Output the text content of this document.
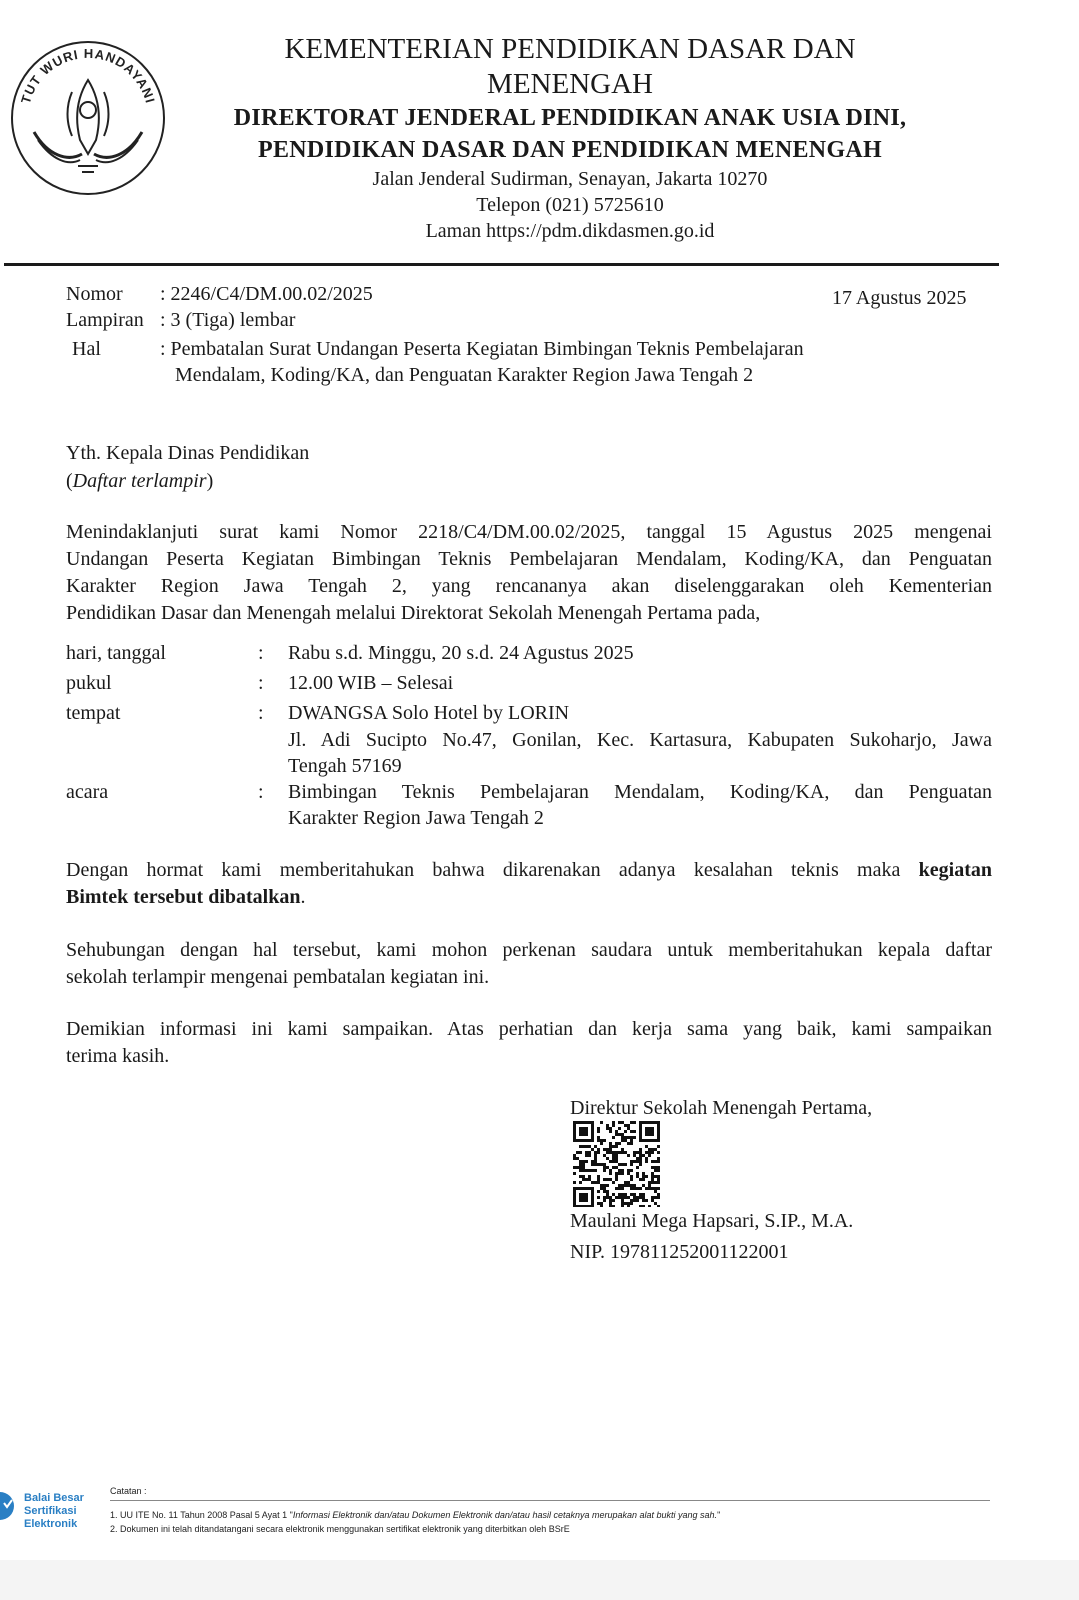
TUT WURI HANDAYANI
KEMENTERIAN PENDIDIKAN DASAR DAN
MENENGAH
DIREKTORAT JENDERAL PENDIDIKAN ANAK USIA DINI,
PENDIDIKAN DASAR DAN PENDIDIKAN MENENGAH
Jalan Jenderal Sudirman, Senayan, Jakarta 10270
Telepon (021) 5725610
Laman https://pdm.dikdasmen.go.id
Nomor : 2246/C4/DM.00.02/2025	17 Agustus 2025
Lampiran : 3 (Tiga) lembar
Hal	: Pembatalan Surat Undangan Peserta Kegiatan Bimbingan Teknis Pembelajaran
Mendalam, Koding/KA, dan Penguatan Karakter Region Jawa Tengah 2
Yth. Kepala Dinas Pendidikan
(Daftar terlampir)
Menindaklanjuti surat kami Nomor 2218/C4/DM.00.02/2025, tanggal 15 Agustus 2025 mengenai
Undangan Peserta Kegiatan Bimbingan Teknis Pembelajaran Mendalam, Koding/KA, dan Penguatan
Karakter Region Jawa Tengah 2, yang rencananya akan diselenggarakan oleh Kementerian
Pendidikan Dasar dan Menengah melalui Direktorat Sekolah Menengah Pertama pada,
hari, tanggal	: Rabu s.d. Minggu, 20 s.d. 24 Agustus 2025
pukul	: 12.00 WIB – Selesai
tempat	: DWANGSA Solo Hotel by LORIN
Jl. Adi Sucipto No.47, Gonilan, Kec. Kartasura, Kabupaten Sukoharjo, Jawa
Tengah 57169
acara	: Bimbingan Teknis Pembelajaran Mendalam, Koding/KA, dan Penguatan
Karakter Region Jawa Tengah 2
Dengan hormat kami memberitahukan bahwa dikarenakan adanya kesalahan teknis maka kegiatan
Bimtek tersebut dibatalkan.
Sehubungan dengan hal tersebut, kami mohon perkenan saudara untuk memberitahukan kepala daftar
sekolah terlampir mengenai pembatalan kegiatan ini.
Demikian informasi ini kami sampaikan. Atas perhatian dan kerja sama yang baik, kami sampaikan
terima kasih.
Direktur Sekolah Menengah Pertama,
Maulani Mega Hapsari, S.IP., M.A.
NIP. 197811252001122001
Balai Besar
Sertifikasi
Elektronik
Catatan :
1. UU ITE No. 11 Tahun 2008 Pasal 5 Ayat 1 "Informasi Elektronik dan/atau Dokumen Elektronik dan/atau hasil cetaknya merupakan alat bukti yang sah."
2. Dokumen ini telah ditandatangani secara elektronik menggunakan sertifikat elektronik yang diterbitkan oleh BSrE
